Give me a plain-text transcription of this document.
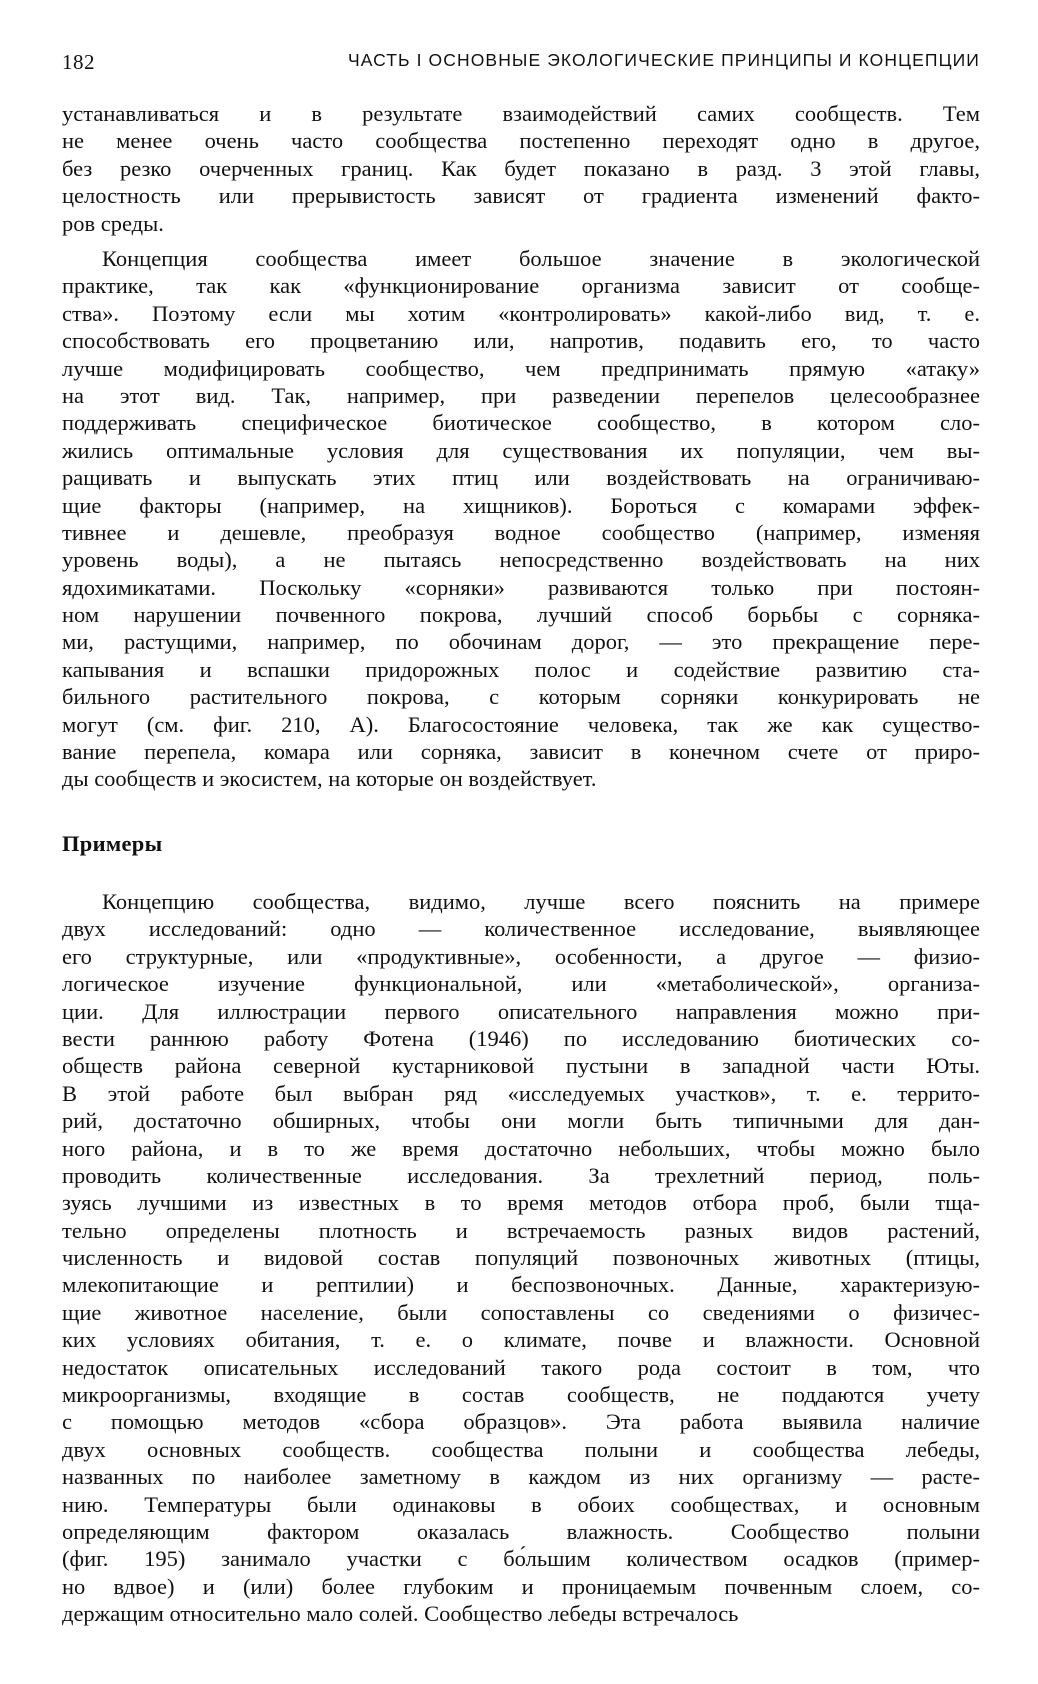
182	ЧАСТЬ I ОСНОВНЫЕ ЭКОЛОГИЧЕСКИЕ ПРИНЦИПЫ И КОНЦЕПЦИИ
устанавливаться и в результате взаимодействий самих сообществ. Тем
не менее очень часто сообщества постепенно переходят одно в другое,
без резко очерченных границ. Как будет показано в разд. 3 этой главы,
целостность или прерывистость зависят от градиента изменений факто-
ров среды.
Концепция сообщества имеет большое значение в экологической
практике, так как «функционирование организма зависит от сообще-
ства». Поэтому если мы хотим «контролировать» какой-либо вид, т. е.
способствовать его процветанию или, напротив, подавить его, то часто
лучше модифицировать сообщество, чем предпринимать прямую «атаку»
на этот вид. Так, например, при разведении перепелов целесообразнее
поддерживать специфическое биотическое сообщество, в котором сло-
жились оптимальные условия для существования их популяции, чем вы-
ращивать и выпускать этих птиц или воздействовать на ограничиваю-
щие факторы (например, на хищников). Бороться с комарами эффек-
тивнее и дешевле, преобразуя водное сообщество (например, изменяя
уровень воды), а не пытаясь непосредственно воздействовать на них
ядохимикатами. Поскольку «сорняки» развиваются только при постоян-
ном нарушении почвенного покрова, лучший способ борьбы с сорняка-
ми, растущими, например, по обочинам дорог, — это прекращение пере-
капывания и вспашки придорожных полос и содействие развитию ста-
бильного растительного покрова, с которым сорняки конкурировать не
могут (см. фиг. 210, А). Благосостояние человека, так же как существо-
вание перепела, комара или сорняка, зависит в конечном счете от приро-
ды сообществ и экосистем, на которые он воздействует.
Примеры
Концепцию сообщества, видимо, лучше всего пояснить на примере
двух исследований: одно — количественное исследование, выявляющее
его структурные, или «продуктивные», особенности, а другое — физио-
логическое изучение функциональной, или «метаболической», организа-
ции. Для иллюстрации первого описательного направления можно при-
вести раннюю работу Фотена (1946) по исследованию биотических со-
обществ района северной кустарниковой пустыни в западной части Юты.
В этой работе был выбран ряд «исследуемых участков», т. е. террито-
рий, достаточно обширных, чтобы они могли быть типичными для дан-
ного района, и в то же время достаточно небольших, чтобы можно было
проводить количественные исследования. За трехлетний период, поль-
зуясь лучшими из известных в то время методов отбора проб, были тща-
тельно определены плотность и встречаемость разных видов растений,
численность и видовой состав популяций позвоночных животных (птицы,
млекопитающие и рептилии) и беспозвоночных. Данные, характеризую-
щие животное население, были сопоставлены со сведениями о физичес-
ких условиях обитания, т. е. о климате, почве и влажности. Основной
недостаток описательных исследований такого рода состоит в том, что
микроорганизмы, входящие в состав сообществ, не поддаются учету
с помощью методов «сбора образцов». Эта работа выявила наличие
двух основных сообществ. сообщества полыни и сообщества лебеды,
названных по наиболее заметному в каждом из них организму — расте-
нию. Температуры были одинаковы в обоих сообществах, и основным
определяющим фактором оказалась влажность. Сообщество полыни
(фиг. 195) занимало участки с бо́льшим количеством осадков (пример-
но вдвое) и (или) более глубоким и проницаемым почвенным слоем, со-
держащим относительно мало солей. Сообщество лебеды встречалось
